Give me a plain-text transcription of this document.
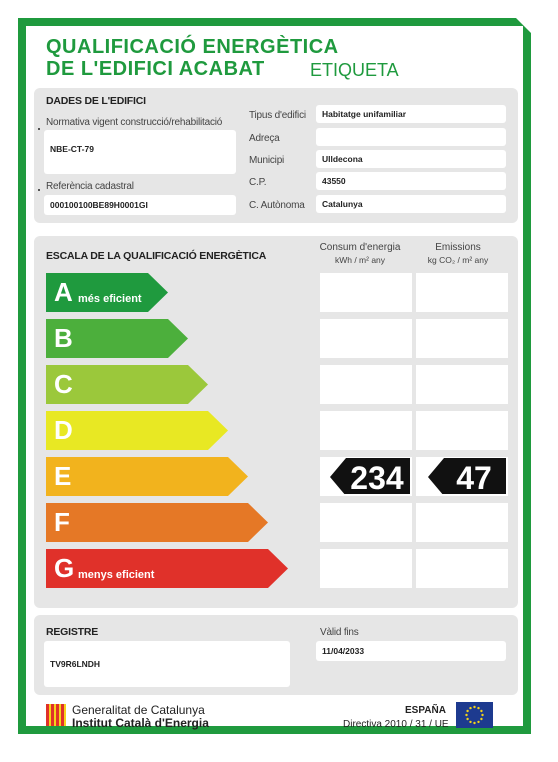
QUALIFICACIÓ ENERGÈTICA
DE L'EDIFICI ACABAT	ETIQUETA
DADES DE L'EDIFICI
Normativa vigent construcció/rehabilitació
NBE-CT-79
Referència cadastral
000100100BE89H0001GI
Tipus d'edifici	Habitatge unifamiliar
Adreça
Municipi	Ulldecona
C.P.	43550
C. Autònoma	Catalunya
ESCALA DE LA QUALIFICACIÓ ENERGÈTICA
Consum d'energia
kWh / m² any
Emissions
kg CO₂ / m² any
A més eficient
B
C
D
E	234 47
F
G menys eficient
REGISTRE
TV9R6LNDH
Vàlid fins
11/04/2033
Generalitat de Catalunya
Institut Català d'Energia
ESPAÑA
Directiva 2010 / 31 / UE
